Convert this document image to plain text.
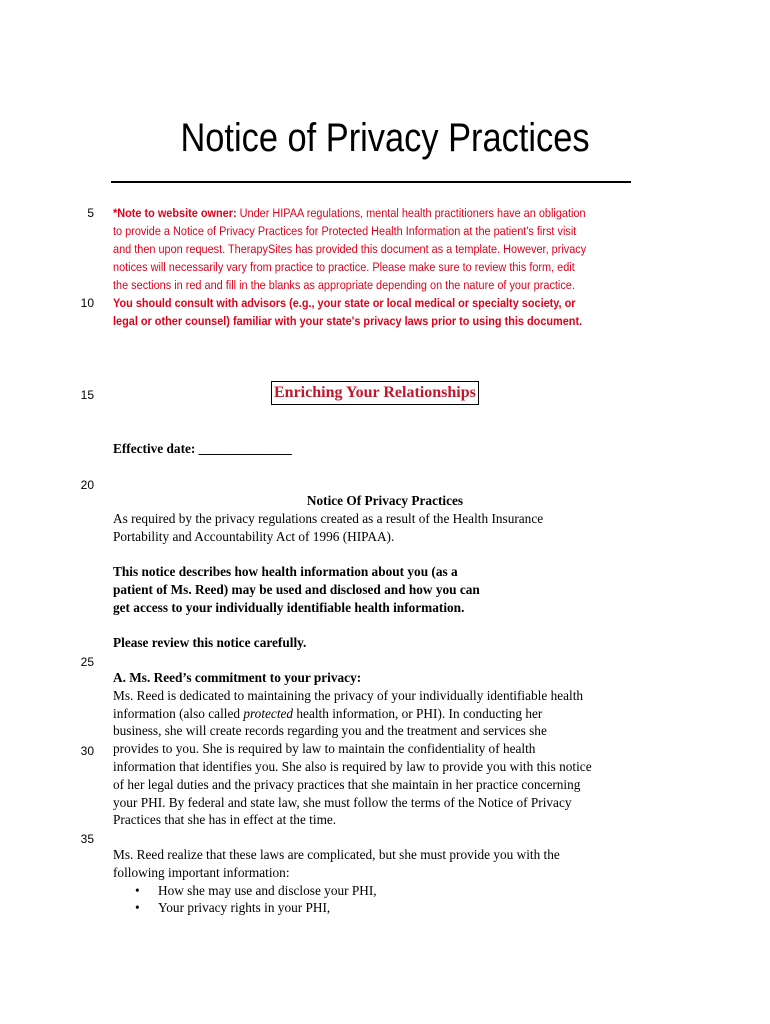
Notice of Privacy Practices
5
10
15
20
25
30
35
*Note to website owner: Under HIPAA regulations, mental health practitioners have an obligation
to provide a Notice of Privacy Practices for Protected Health Information at the patient's first visit
and then upon request. TherapySites has provided this document as a template. However, privacy
notices will necessarily vary from practice to practice. Please make sure to review this form, edit
the sections in red and fill in the blanks as appropriate depending on the nature of your practice.
You should consult with advisors (e.g., your state or local medical or specialty society, or
legal or other counsel) familiar with your state's privacy laws prior to using this document.
Enriching Your Relationships
Effective date: ______________
Notice Of Privacy Practices
As required by the privacy regulations created as a result of the Health Insurance
Portability and Accountability Act of 1996 (HIPAA).
This notice describes how health information about you (as a
patient of Ms. Reed) may be used and disclosed and how you can
get access to your individually identifiable health information.
Please review this notice carefully.
A. Ms. Reed’s commitment to your privacy:
Ms. Reed is dedicated to maintaining the privacy of your individually identifiable health
information (also called protected health information, or PHI). In conducting her
business, she will create records regarding you and the treatment and services she
provides to you. She is required by law to maintain the confidentiality of health
information that identifies you. She also is required by law to provide you with this notice
of her legal duties and the privacy practices that she maintain in her practice concerning
your PHI. By federal and state law, she must follow the terms of the Notice of Privacy
Practices that she has in effect at the time.
Ms. Reed realize that these laws are complicated, but she must provide you with the
following important information:
• How she may use and disclose your PHI,
• Your privacy rights in your PHI,
